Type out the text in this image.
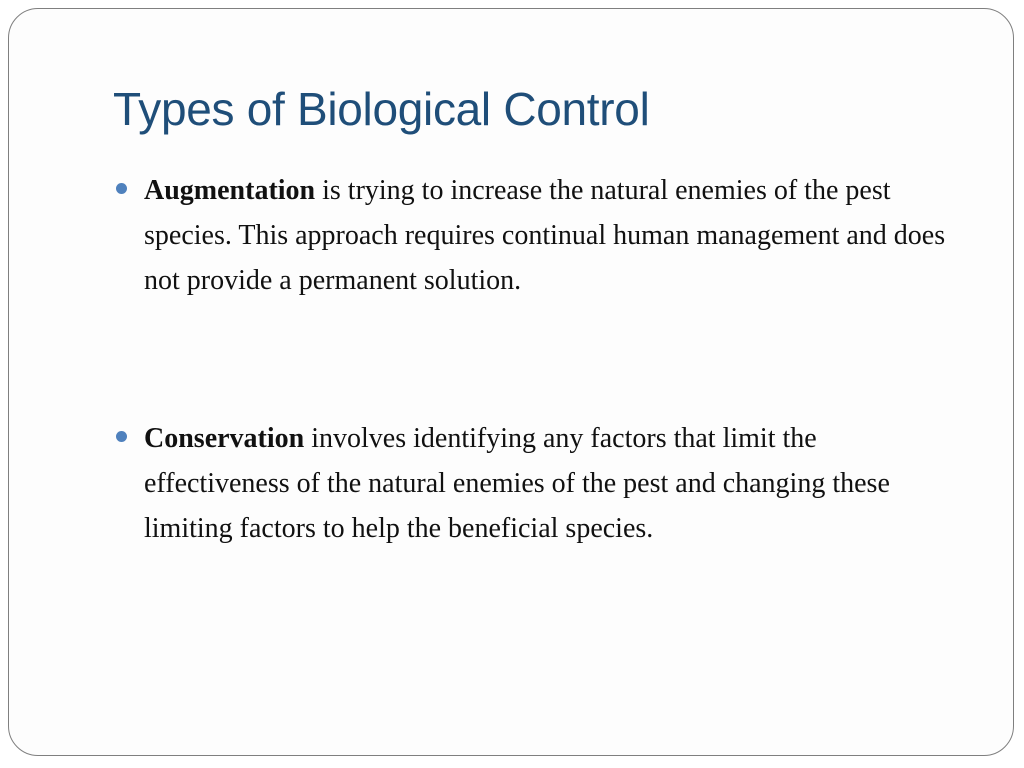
Types of Biological Control
Augmentation is trying to increase the natural enemies of the pest species. This approach requires continual human management and does not provide a permanent solution.
Conservation involves identifying any factors that limit the effectiveness of the natural enemies of the pest and changing these limiting factors to help the beneficial species.
